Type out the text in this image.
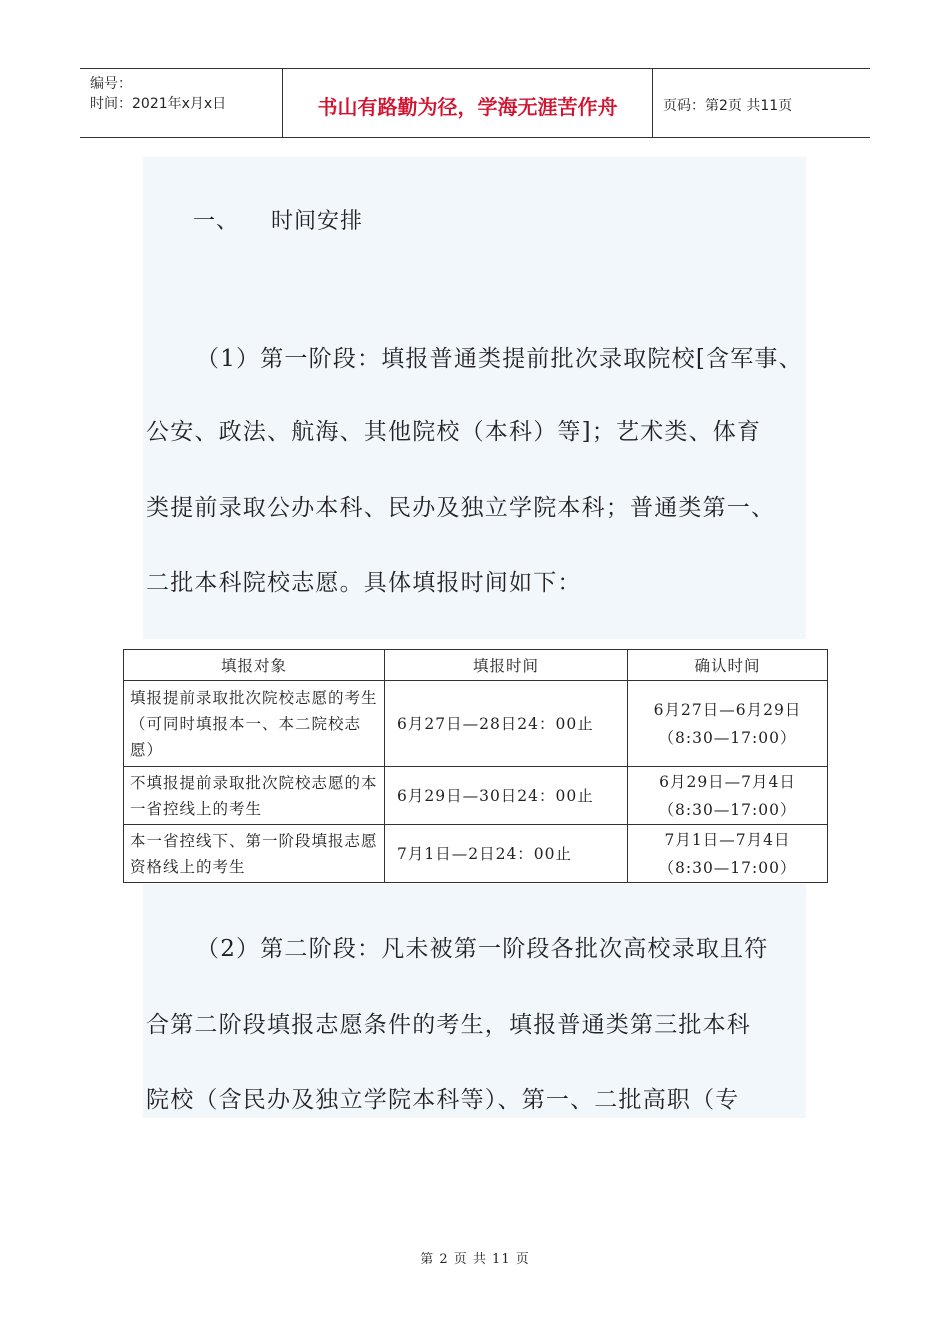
编号：
时间：2021年x月x日	书山有路勤为径，学海无涯苦作舟	页码：第2页 共11页
一、 时间安排
（1）第一阶段：填报普通类提前批次录取院校[含军事、
公安、政法、航海、其他院校（本科）等]；艺术类、体育
类提前录取公办本科、民办及独立学院本科；普通类第一、
二批本科院校志愿。具体填报时间如下：
填报对象	填报时间	确认时间
填报提前录取批次院校志愿的考生（可同时填报本一、本二院校志愿）	6月27日—28日24：00止	6月27日—6月29日
（8:30—17:00）

不填报提前录取批次院校志愿的本一省控线上的考生	6月29日—30日24：00止	6月29日—7月4日
（8:30—17:00）

本一省控线下、第一阶段填报志愿资格线上的考生	7月1日—2日24：00止	7月1日—7月4日
（8:30—17:00）
（2）第二阶段：凡未被第一阶段各批次高校录取且符
合第二阶段填报志愿条件的考生，填报普通类第三批本科
院校（含民办及独立学院本科等）、第一、二批高职（专
第 2 页 共 11 页
